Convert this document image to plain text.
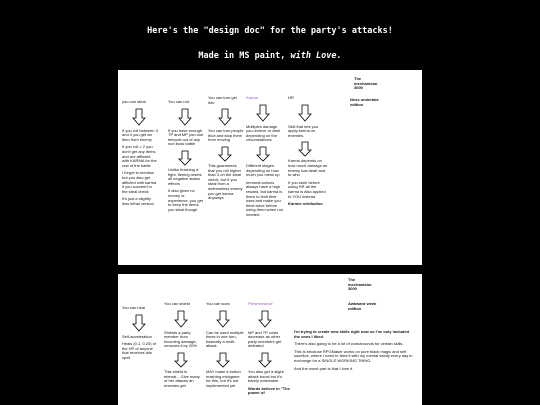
Here's the "design doc" for the party's attacks!
Made in MS paint, with Love.
The
mechanistor
3000
Ness undertale
edition
you can steal
If you roll between 3 and 4 you get an item from enemy
If you roll > 2 you don't get any items and are afflicted with KARMA for the rest of the battle
I forgot to mention but you also get afflicted with karma if you succeed in the steal check
It's just a slightly less lethal version
You can not
If you have enough TP and MP you can teleport out of any non boss battle
Unlike finishing a fight, fleeing resets all negative status effects
It also gives no money or experience, you get to keep the items you steal though
You can turn gel into
You can turn people blue and stop them from moving
This guarantees that you roll higher than 3 on the steal check, but if you steal from a defenseless enemy you get karma anyways
Karma
Multiples damage you recieve or deal depending on the circumstances
Different stages depending on how much you mess up
Immoral actions always have a high reward, but karma is there to limit their uses and make you think twice before using them when not needed.
HR
Skill that lets you apply karma on enemies.
Karma depends on how much damage an enemy has dealt and to who
If you stole before using HR all the karma is also applied to YOU instead.
Karmic retribution
The
mechanistor
3000
Awkward week
edition
You can heal
Self-acceleration
Heals (0.1, 0.25) of the HP of anyone that receives this spell
You can shield
Shields a party member from incoming damage, removes it by 20%
This shield is eternal... Give many of her attacks an enemies get
You can scan
Can be used multiple times in one turn, basically a multi-attack
MAY make a button mashing minigame for this, but it's not implemented yet
Perseverance
MP and TP costs decrease as other party members get defeated
You also get a slight attack boost but it's barely noticeable.
Words believe in "The power of
I'm trying to create new skills right now so I've only included the ones I liked.
There's also going to be a lot of workarounds for certain skills.
This is because RPGMaker works on pure black magic and self sacrifice, where I need to feed it with my mental sanity every day in exchange for a SINGLE WORKING THING.
And the worst part is that I love it.
